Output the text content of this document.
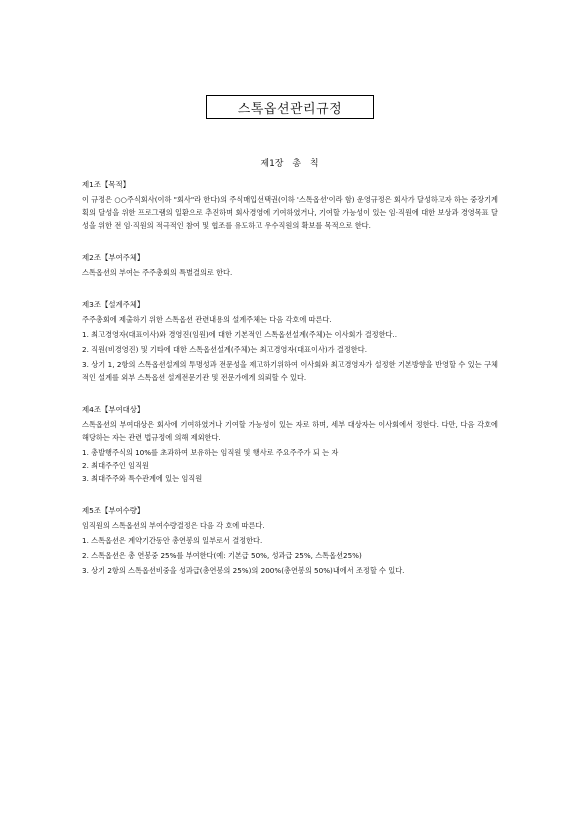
스톡옵션관리규정
제1장 총 칙
제1조【목적】
이 규정은 ○○주식회사(이하 "회사"라 한다)의 주식매입선택권(이하 '스톡옵션'이라 함) 운영규정은 회사가 달성하고자 하는 중장기계획의 달성을 위한 프로그램의 일환으로 추진하며 회사경영에 기여하였거나, 기여할 가능성이 있는 임·직원에 대한 보상과 경영목표 달성을 위한 전 임·직원의 적극적인 참여 및 협조를 유도하고 우수직원의 확보를 목적으로 한다.
제2조【부여주체】
스톡옵션의 부여는 주주총회의 특별결의로 한다.
제3조【설계주체】
주주총회에 제출하기 위한 스톡옵션 관련내용의 설계주체는 다음 각호에 따른다.
1. 최고경영자(대표이사)와 경영진(임원)에 대한 기본적인 스톡옵션설계(주체)는 이사회가 결정한다..
2. 직원(비경영진) 및 기타에 대한 스톡옵션설계(주체)는 최고경영자(대표이사)가 결정한다.
3. 상기 1, 2항의 스톡옵션설계의 투명성과 전문성을 제고하기위하여 이사회와 최고경영자가 설정한 기본방향을 반영할 수 있는 구체적인 설계를 외부 스톡옵션 설계전문기관 및 전문가에게 의뢰할 수 있다.
제4조【부여대상】
스톡옵션의 부여대상은 회사에 기여하였거나 기여할 가능성이 있는 자로 하며, 세부 대상자는 이사회에서 정한다. 다만, 다음 각호에 해당하는 자는 관련 법규정에 의해 제외한다.
1. 총발행주식의 10%를 초과하여 보유하는 임직원 및 행사로 주요주주가 되 는 자
2. 최대주주인 임직원
3. 최대주주와 특수관계에 있는 임직원
제5조【부여수량】
임직원의 스톡옵션의 부여수량결정은 다음 각 호에 따른다.
1. 스톡옵션은 계약기간동안 총연봉의 일부로서 결정한다.
2. 스톡옵션은 총 연봉중 25%를 부여한다(예: 기본급 50%, 성과급 25%, 스톡옵션25%)
3. 상기 2항의 스톡옵션비중을 성과급(총연봉의 25%)의 200%(총연봉의 50%)내에서 조정할 수 있다.
